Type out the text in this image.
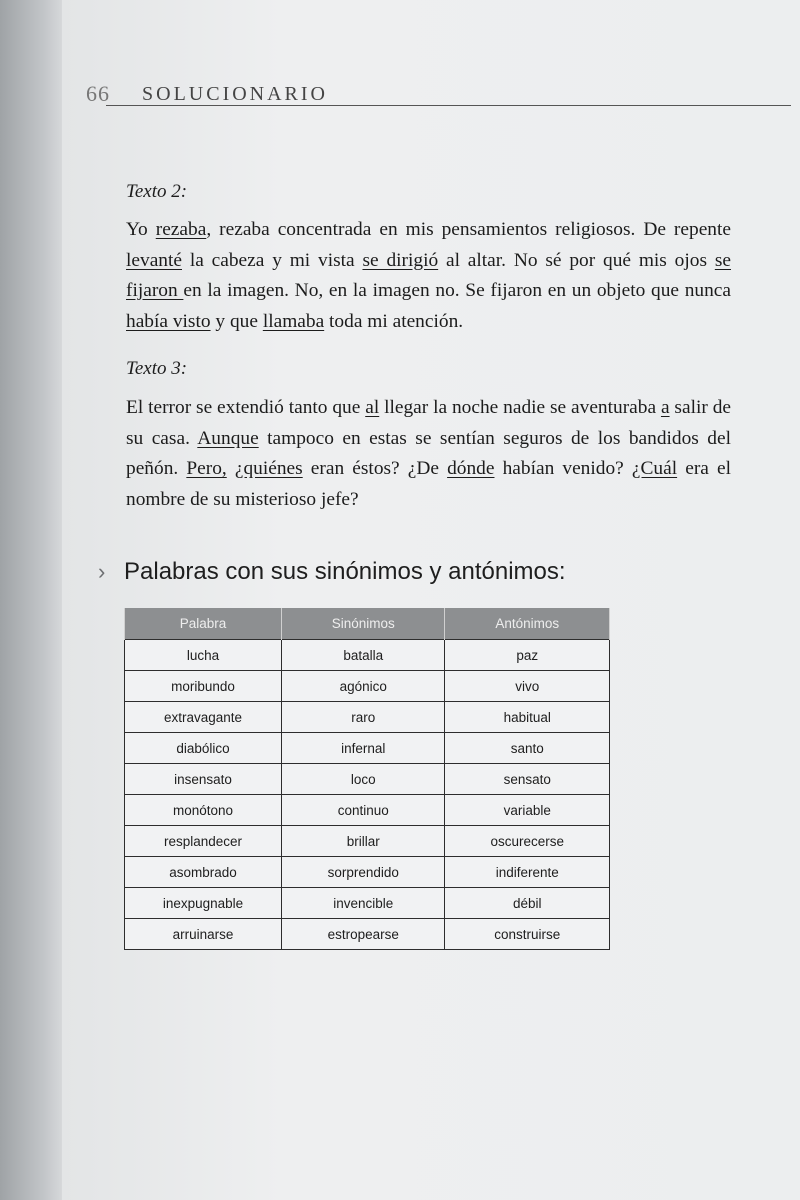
66 SOLUCIONARIO
Texto 2:

Yo rezaba, rezaba concentrada en mis pensamientos religiosos. De repente levanté la cabeza y mi vista se dirigió al altar. No sé por qué mis ojos se fijaron en la imagen. No, en la imagen no. Se fijaron en un objeto que nunca había visto y que llamaba toda mi atención.

Texto 3:

El terror se extendió tanto que al llegar la noche nadie se aventuraba a salir de su casa. Aunque tampoco en estas se sentían seguros de los bandidos del peñón. Pero, ¿quiénes eran éstos? ¿De dónde habían venido? ¿Cuál era el nombre de su misterioso jefe?

› Palabras con sus sinónimos y antónimos:
Palabra	Sinónimos	Antónimos
lucha	batalla	paz
moribundo	agónico	vivo
extravagante	raro	habitual
diabólico	infernal	santo
insensato	loco	sensato
monótono	continuo	variable
resplandecer	brillar	oscurecerse
asombrado	sorprendido	indiferente
inexpugnable	invencible	débil
arruinarse	estropearse	construirse
